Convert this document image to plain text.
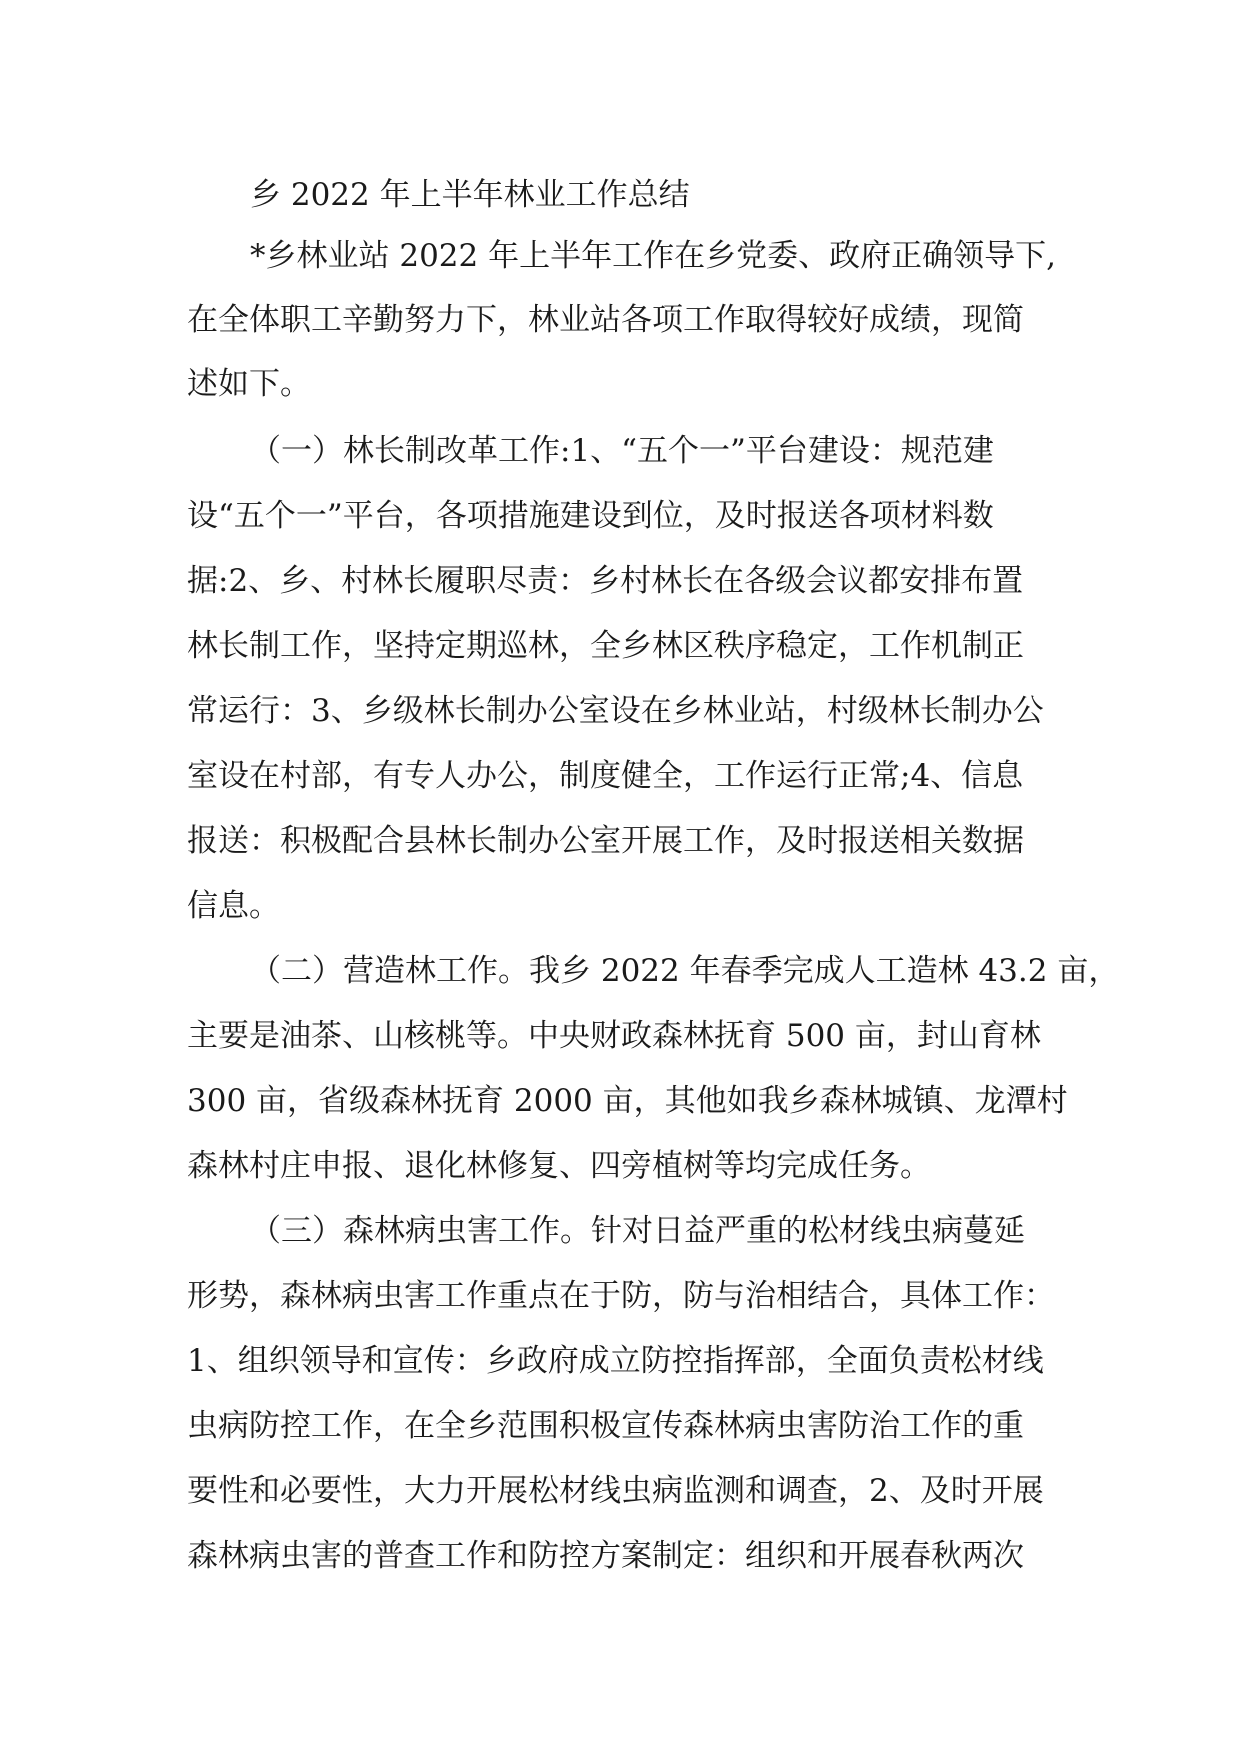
乡 2022 年上半年林业工作总结
*乡林业站 2022 年上半年工作在乡党委、政府正确领导下,
在全体职工辛勤努力下，林业站各项工作取得较好成绩，现简
述如下。
（一）林长制改革工作:1、“五个一”平台建设：规范建
设“五个一”平台，各项措施建设到位，及时报送各项材料数
据:2、乡、村林长履职尽责：乡村林长在各级会议都安排布置
林长制工作，坚持定期巡林，全乡林区秩序稳定，工作机制正
常运行：3、乡级林长制办公室设在乡林业站，村级林长制办公
室设在村部，有专人办公，制度健全，工作运行正常;4、信息
报送：积极配合县林长制办公室开展工作，及时报送相关数据
信息。
（二）营造林工作。我乡 2022 年春季完成人工造林 43.2 亩，
主要是油茶、山核桃等。中央财政森林抚育 500 亩，封山育林
300 亩，省级森林抚育 2000 亩，其他如我乡森林城镇、龙潭村
森林村庄申报、退化林修复、四旁植树等均完成任务。
（三）森林病虫害工作。针对日益严重的松材线虫病蔓延
形势，森林病虫害工作重点在于防，防与治相结合，具体工作：
1、组织领导和宣传：乡政府成立防控指挥部，全面负责松材线
虫病防控工作，在全乡范围积极宣传森林病虫害防治工作的重
要性和必要性，大力开展松材线虫病监测和调查，2、及时开展
森林病虫害的普查工作和防控方案制定：组织和开展春秋两次
